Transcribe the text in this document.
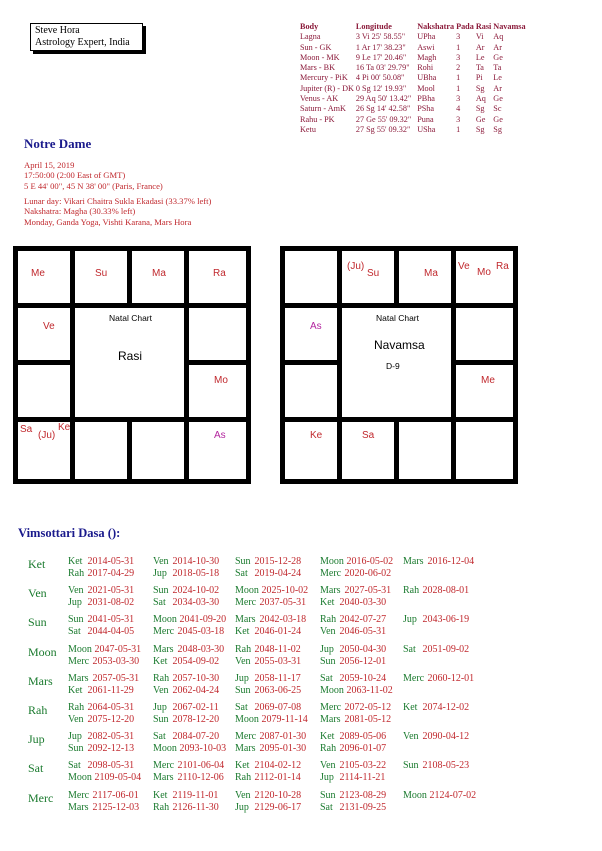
Steve Hora
Astrology Expert, India
Body	Longitude	Nakshatra	Pada	Rasi	Navamsa
Lagna	3 Vi 25' 58.55"	UPha	3	Vi	Aq
Sun - GK	1 Ar 17' 38.23"	Aswi	1	Ar	Ar
Moon - MK	9 Le 17' 20.46"	Magh	3	Le	Ge
Mars - BK	16 Ta 03' 29.79"	Rohi	2	Ta	Ta
Mercury - PiK	4 Pi 00' 50.08"	UBha	1	Pi	Le
Jupiter (R) - DK	0 Sg 12' 19.93"	Mool	1	Sg	Ar
Venus - AK	29 Aq 50' 13.42"	PBha	3	Aq	Ge
Saturn - AmK	26 Sg 14' 42.58"	PSha	4	Sg	Sc
Rahu - PK	27 Ge 55' 09.32"	Puna	3	Ge	Ge
Ketu	27 Sg 55' 09.32"	USha	1	Sg	Sg
Notre Dame
April 15, 2019
17:50:00 (2:00 East of GMT)
5 E 44' 00", 45 N 38' 00" (Paris, France)
Lunar day: Vikari Chaitra Sukla Ekadasi (33.37% left)
Nakshatra: Magha (30.33% left)
Monday, Ganda Yoga, Vishti Karana, Mars Hora
Me	Su	Ma	Ra
Ve
Natal Chart
Rasi
Mo
Sa
(Ju)
Ke
As
(Ju)
Su	Ma
Ve
Mo
Ra
As
Natal Chart
Navamsa
D-9
Me
Ke	Sa
Vimsottari Dasa ():
Ket Ket 2014-05-31 Ven 2014-10-30 Sun 2015-12-28 Moon 2016-05-02 Mars 2016-12-04
Rah 2017-04-29 Jup 2018-05-18 Sat 2019-04-24 Merc 2020-06-02
Ven Ven 2021-05-31 Sun 2024-10-02 Moon 2025-10-02 Mars 2027-05-31 Rah 2028-08-01
Jup 2031-08-02 Sat 2034-03-30 Merc 2037-05-31 Ket 2040-03-30
Sun Sun 2041-05-31 Moon 2041-09-20 Mars 2042-03-18 Rah 2042-07-27 Jup 2043-06-19
Sat 2044-04-05 Merc 2045-03-18 Ket 2046-01-24 Ven 2046-05-31
Moon Moon 2047-05-31 Mars 2048-03-30 Rah 2048-11-02 Jup 2050-04-30 Sat 2051-09-02
Merc 2053-03-30 Ket 2054-09-02 Ven 2055-03-31 Sun 2056-12-01
Mars Mars 2057-05-31 Rah 2057-10-30 Jup 2058-11-17 Sat 2059-10-24 Merc 2060-12-01
Ket 2061-11-29 Ven 2062-04-24 Sun 2063-06-25 Moon 2063-11-02
Rah Rah 2064-05-31 Jup 2067-02-11 Sat 2069-07-08 Merc 2072-05-12 Ket 2074-12-02
Ven 2075-12-20 Sun 2078-12-20 Moon 2079-11-14 Mars 2081-05-12
Jup Jup 2082-05-31 Sat 2084-07-20 Merc 2087-01-30 Ket 2089-05-06 Ven 2090-04-12
Sun 2092-12-13 Moon 2093-10-03 Mars 2095-01-30 Rah 2096-01-07
Sat Sat 2098-05-31 Merc 2101-06-04 Ket 2104-02-12 Ven 2105-03-22 Sun 2108-05-23
Moon 2109-05-04 Mars 2110-12-06 Rah 2112-01-14 Jup 2114-11-21
Merc Merc 2117-06-01 Ket 2119-11-01 Ven 2120-10-28 Sun 2123-08-29 Moon 2124-07-02
Mars 2125-12-03 Rah 2126-11-30 Jup 2129-06-17 Sat 2131-09-25
